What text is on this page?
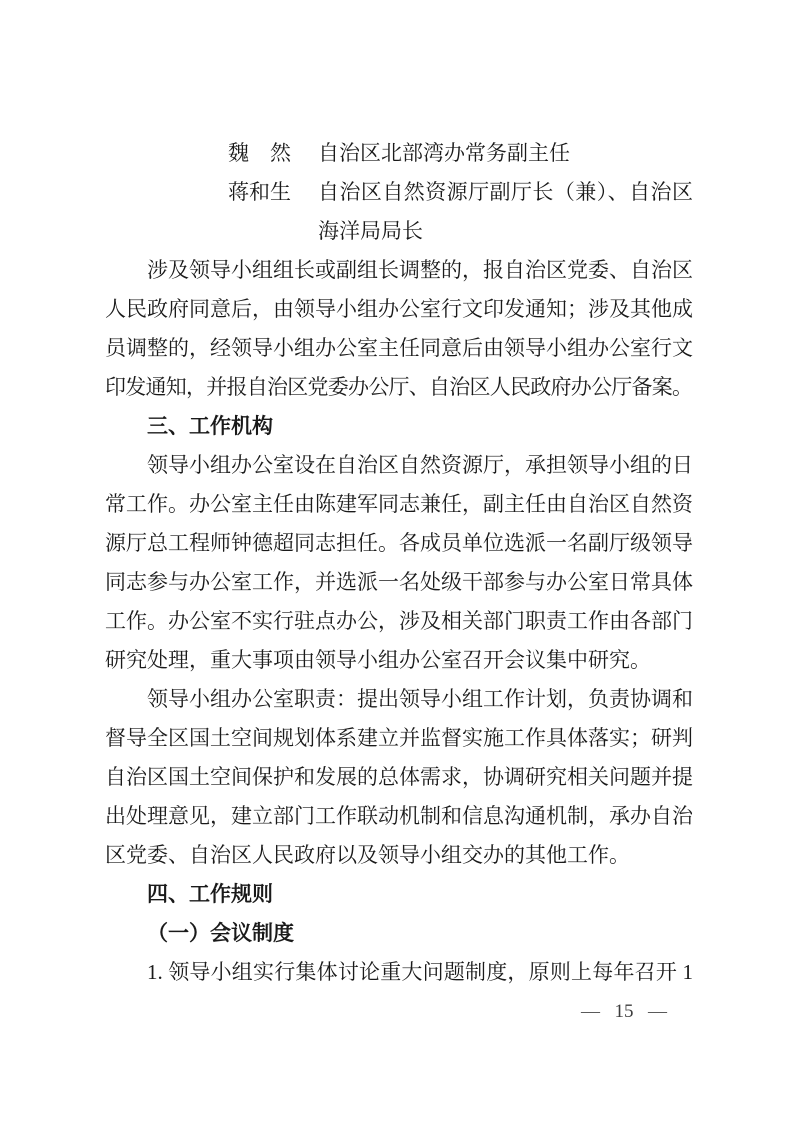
魏　然	自治区北部湾办常务副主任
蒋和生	自治区自然资源厅副厅长（兼）、自治区
海洋局局长
涉及领导小组组长或副组长调整的，报自治区党委、自治区
人民政府同意后，由领导小组办公室行文印发通知；涉及其他成
员调整的，经领导小组办公室主任同意后由领导小组办公室行文
印发通知，并报自治区党委办公厅、自治区人民政府办公厅备案。
三、工作机构
领导小组办公室设在自治区自然资源厅，承担领导小组的日
常工作。办公室主任由陈建军同志兼任，副主任由自治区自然资
源厅总工程师钟德超同志担任。各成员单位选派一名副厅级领导
同志参与办公室工作，并选派一名处级干部参与办公室日常具体
工作。办公室不实行驻点办公，涉及相关部门职责工作由各部门
研究处理，重大事项由领导小组办公室召开会议集中研究。
领导小组办公室职责：提出领导小组工作计划，负责协调和
督导全区国土空间规划体系建立并监督实施工作具体落实；研判
自治区国土空间保护和发展的总体需求，协调研究相关问题并提
出处理意见，建立部门工作联动机制和信息沟通机制，承办自治
区党委、自治区人民政府以及领导小组交办的其他工作。
四、工作规则
（一）会议制度
1. 领导小组实行集体讨论重大问题制度，原则上每年召开 1
— 15 —
